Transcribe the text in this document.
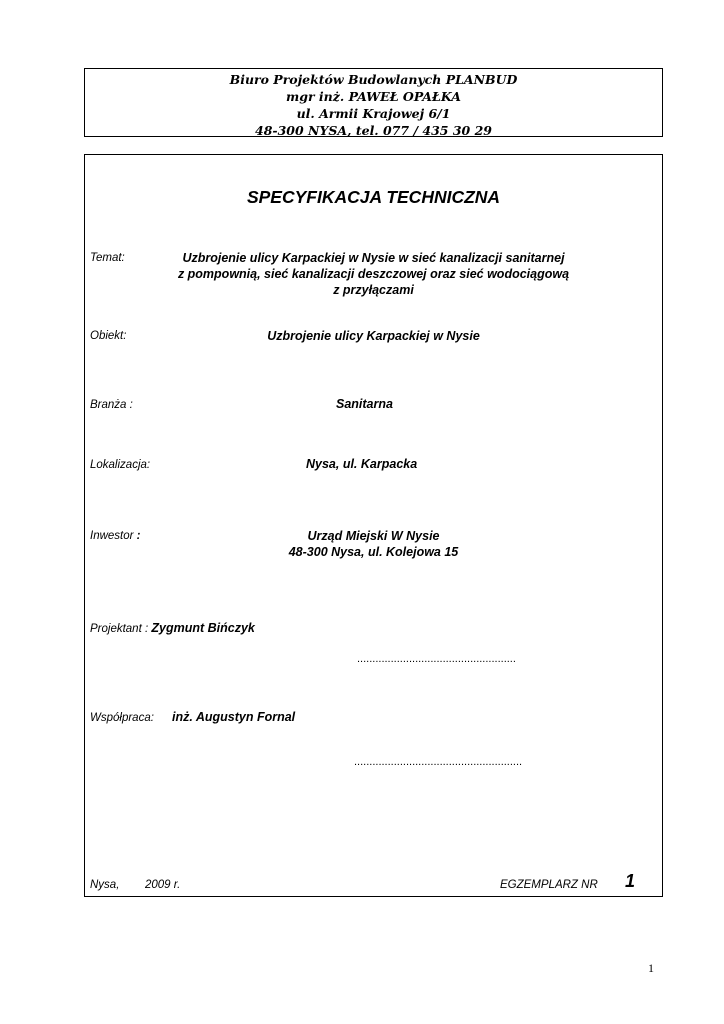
Biuro Projektów Budowlanych PLANBUD
mgr inż. PAWEŁ OPAŁKA
ul. Armii Krajowej 6/1
48-300 NYSA, tel. 077 / 435 30 29
SPECYFIKACJA TECHNICZNA
Temat:	Uzbrojenie ulicy Karpackiej w Nysie w sieć kanalizacji sanitarnej
z pompownią, sieć kanalizacji deszczowej oraz sieć wodociągową
z przyłączami
Obiekt:	Uzbrojenie ulicy Karpackiej w Nysie
Branża :	Sanitarna
Lokalizacja:	Nysa, ul. Karpacka
Inwestor :	Urząd Miejski W Nysie
48-300 Nysa, ul. Kolejowa 15
Projektant : Zygmunt Bińczyk
....................................................
Współpraca: inż. Augustyn Fornal
.......................................................
Nysa, 2009 r.	EGZEMPLARZ NR 1
1
